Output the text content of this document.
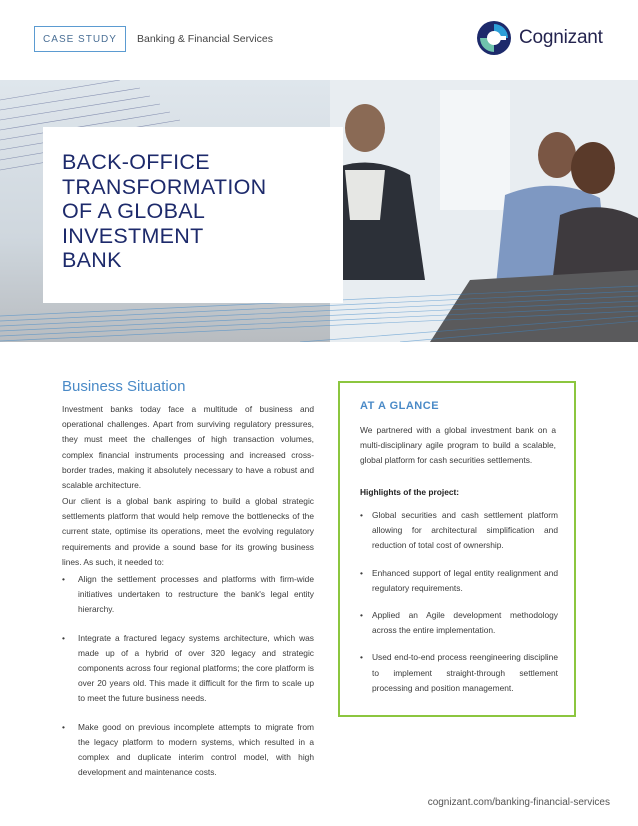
CASE STUDY	Banking & Financial Services	Cognizant
BACK-OFFICE
TRANSFORMATION
OF A GLOBAL
INVESTMENT
BANK
Business Situation

Investment banks today face a multitude of business and operational challenges. Apart from surviving regulatory pressures, they must meet the challenges of high transaction volumes, complex financial instruments processing and increased cross-border trades, making it absolutely necessary to have a robust and scalable architecture.

Our client is a global bank aspiring to build a global strategic settlements platform that would help remove the bottlenecks of the current state, optimise its operations, meet the evolving regulatory requirements and provide a sound base for its growing business lines. As such, it needed to:

• Align the settlement processes and platforms with firm-wide initiatives undertaken to restructure the bank's legal entity hierarchy.
• Integrate a fractured legacy systems architecture, which was made up of a hybrid of over 320 legacy and strategic components across four regional platforms; the core platform is over 20 years old. This made it difficult for the firm to scale up to meet the future business needs.
• Make good on previous incomplete attempts to migrate from the legacy platform to modern systems, which resulted in a complex and duplicate interim control model, with high development and maintenance costs.
AT A GLANCE

We partnered with a global investment bank on a multi-disciplinary agile program to build a scalable, global platform for cash securities settlements.

Highlights of the project:

• Global securities and cash settlement platform allowing for architectural simplification and reduction of total cost of ownership.
• Enhanced support of legal entity realignment and regulatory requirements.
• Applied an Agile development methodology across the entire implementation.
• Used end-to-end process reengineering discipline to implement straight-through settlement processing and position management.
cognizant.com/banking-financial-services
